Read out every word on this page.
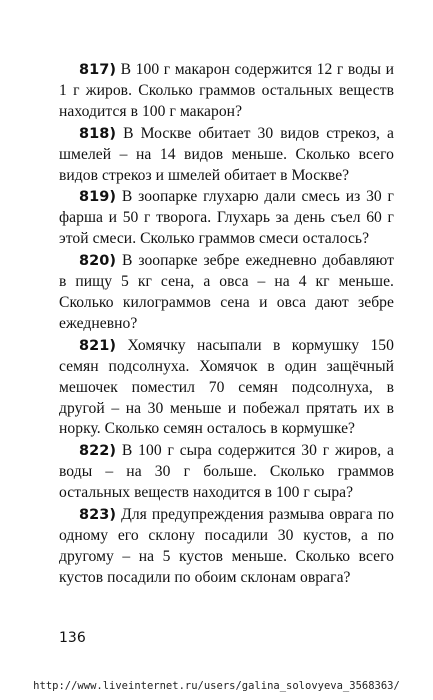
817) В 100 г макарон содержится 12 г воды и 1 г жиров. Сколько граммов остальных веществ находится в 100 г макарон?

818) В Москве обитает 30 видов стрекоз, а шмелей – на 14 видов меньше. Сколько всего видов стрекоз и шмелей обитает в Москве?

819) В зоопарке глухарю дали смесь из 30 г фарша и 50 г творога. Глухарь за день съел 60 г этой смеси. Сколько граммов смеси осталось?

820) В зоопарке зебре ежедневно добавляют в пищу 5 кг сена, а овса – на 4 кг меньше. Сколько килограммов сена и овса дают зебре ежедневно?

821) Хомячку насыпали в кормушку 150 семян подсолнуха. Хомячок в один защёчный мешочек поместил 70 семян подсолнуха, в другой – на 30 меньше и побежал прятать их в норку. Сколько семян осталось в кормушке?

822) В 100 г сыра содержится 30 г жиров, а воды – на 30 г больше. Сколько граммов остальных веществ находится в 100 г сыра?

823) Для предупреждения размыва оврага по одному его склону посадили 30 кустов, а по другому – на 5 кустов меньше. Сколько всего кустов посадили по обоим склонам оврага?

136
http://www.liveinternet.ru/users/galina_solovyeva_3568363/
